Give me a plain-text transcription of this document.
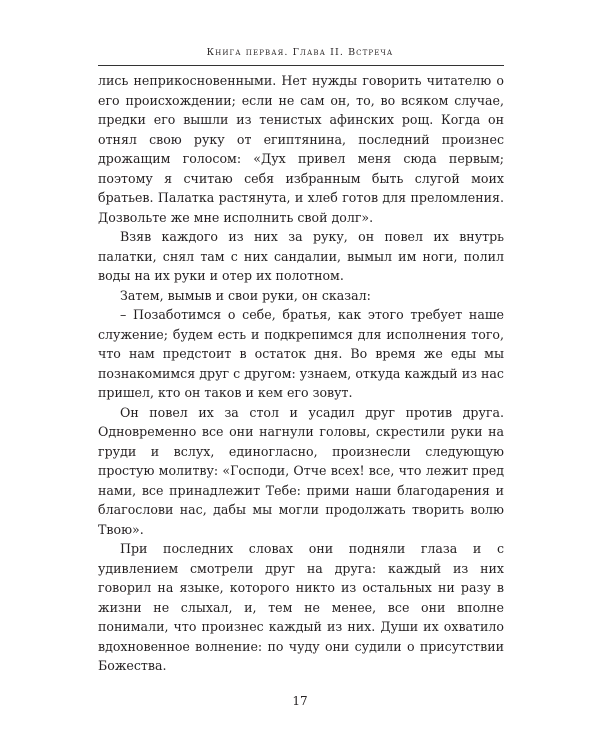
Книга первая. Глава II. Встреча

лись неприкосновенными. Нет нужды говорить читателю о его происхождении; если не сам он, то, во всяком случае, предки его вышли из тенистых афинских рощ. Когда он отнял свою руку от египтянина, последний произнес дрожащим голосом: «Дух привел меня сюда первым; поэтому я считаю себя избранным быть слугой моих братьев. Палатка растянута, и хлеб готов для преломления. Дозвольте же мне исполнить свой долг».

Взяв каждого из них за руку, он повел их внутрь палатки, снял там с них сандалии, вымыл им ноги, полил воды на их руки и отер их полотном.

Затем, вымыв и свои руки, он сказал:

– Позаботимся о себе, братья, как этого требует наше служение; будем есть и подкрепимся для исполнения того, что нам предстоит в остаток дня. Во время же еды мы познакомимся друг с другом: узнаем, откуда каждый из нас пришел, кто он таков и кем его зовут.

Он повел их за стол и усадил друг против друга. Одновременно все они нагнули головы, скрестили руки на груди и вслух, единогласно, произнесли следующую простую молитву: «Господи, Отче всех! все, что лежит пред нами, все принадлежит Тебе: прими наши благодарения и благослови нас, дабы мы могли продолжать творить волю Твою».

При последних словах они подняли глаза и с удивлением смотрели друг на друга: каждый из них говорил на языке, которого никто из остальных ни разу в жизни не слыхал, и, тем не менее, все они вполне понимали, что произнес каждый из них. Души их охватило вдохновенное волнение: по чуду они судили о присутствии Божества.

17
